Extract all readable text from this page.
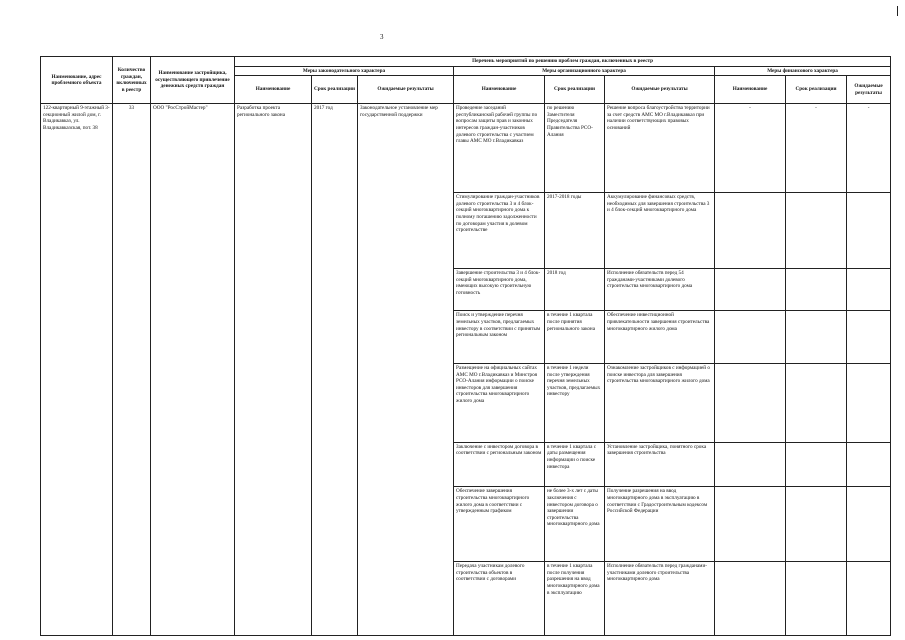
3
Наименование, адрес проблемного объекта	Количество граждан, включенных в реестр	Наименование застройщика, осуществляющего привлечение денежных средств граждан	Перечень мероприятий по решению проблем граждан, включенных в реестр								
			Меры законодательного характера			Меры организационного характера			Меры финансового характера		
			Наименование	Срок реализации	Ожидаемые результаты	Наименование	Срок реализации	Ожидаемые результаты	Наименование	Срок реализации	Ожидаемые результаты
122-квартирный 9-этажный 3-секционный жилой дом, г. Владикавказ, ул. Владикавказская, пот. 38	33	ООО "РосСтройМастер"	Разработка проекта регионального закона	2017 год	Законодательное установление мер государственной поддержки	Проведение заседаний республиканской рабочей группы по вопросам защиты прав и законных интересов граждан-участников долевого строительства с участием главы АМС МО г.Владикавказ	по решению Заместителя Председателя Правительства РСО-Алания	Решение вопроса благоустройства территории за счет средств АМС МО г.Владикавказ при наличии соответствующих правовых оснований	-	-	-
						Стимулирование граждан-участников долевого строительства 3 и 4 блок-секций многоквартирного дома к полному погашению задолженности по договорам участия в долевом строительстве	2017-2018 годы	Аккумулирование финансовых средств, необходимых для завершения строительства 3 и 4 блок-секций многоквартирного дома			
						Завершение строительства 3 и 4 блок-секций многоквартирного дома, имеющих высокую строительную готовность	2018 год	Исполнение обязательств перед 54 гражданами-участниками долевого строительства многоквартирного дома			
						Поиск и утверждение перечня земельных участков, предлагаемых инвестору в соответствии с принятым региональным законом	в течение 1 квартала после принятия регионального закона	Обеспечение инвестиционной привлекательности завершения строительства многоквартирного жилого дома			
						Размещение на официальных сайтах АМС МО г.Владикавказ и Минстроя РСО-Алания информации о поиске инвесторов для завершения строительства многоквартирного жилого дома	в течение 1 недели после утверждения перечня земельных участков, предлагаемых инвестору	Ознакомление застройщиков с информацией о поиске инвестора для завершения строительства многоквартирного жилого дома			
						Заключение с инвестором договора в соответствии с региональным законом	в течение 1 квартала с даты размещения информации о поиске инвестора	Установление застройщика, понятного срока завершения строительства			
						Обеспечение завершения строительства многоквартирного жилого дома в соответствии с утвержденным графиком	не более 3-х лет с даты заключения с инвестором договора о завершении строительства многоквартирного дома	Получение разрешения на ввод многоквартирного дома в эксплуатацию в соответствии с Градостроительным кодексом Российской Федерации			
						Передача участникам долевого строительства объектов в соответствии с договорами	в течение 1 квартала после получения разрешения на ввод многоквартирного дома в эксплуатацию	Исполнение обязательств перед гражданами-участниками долевого строительства многоквартирного дома			
